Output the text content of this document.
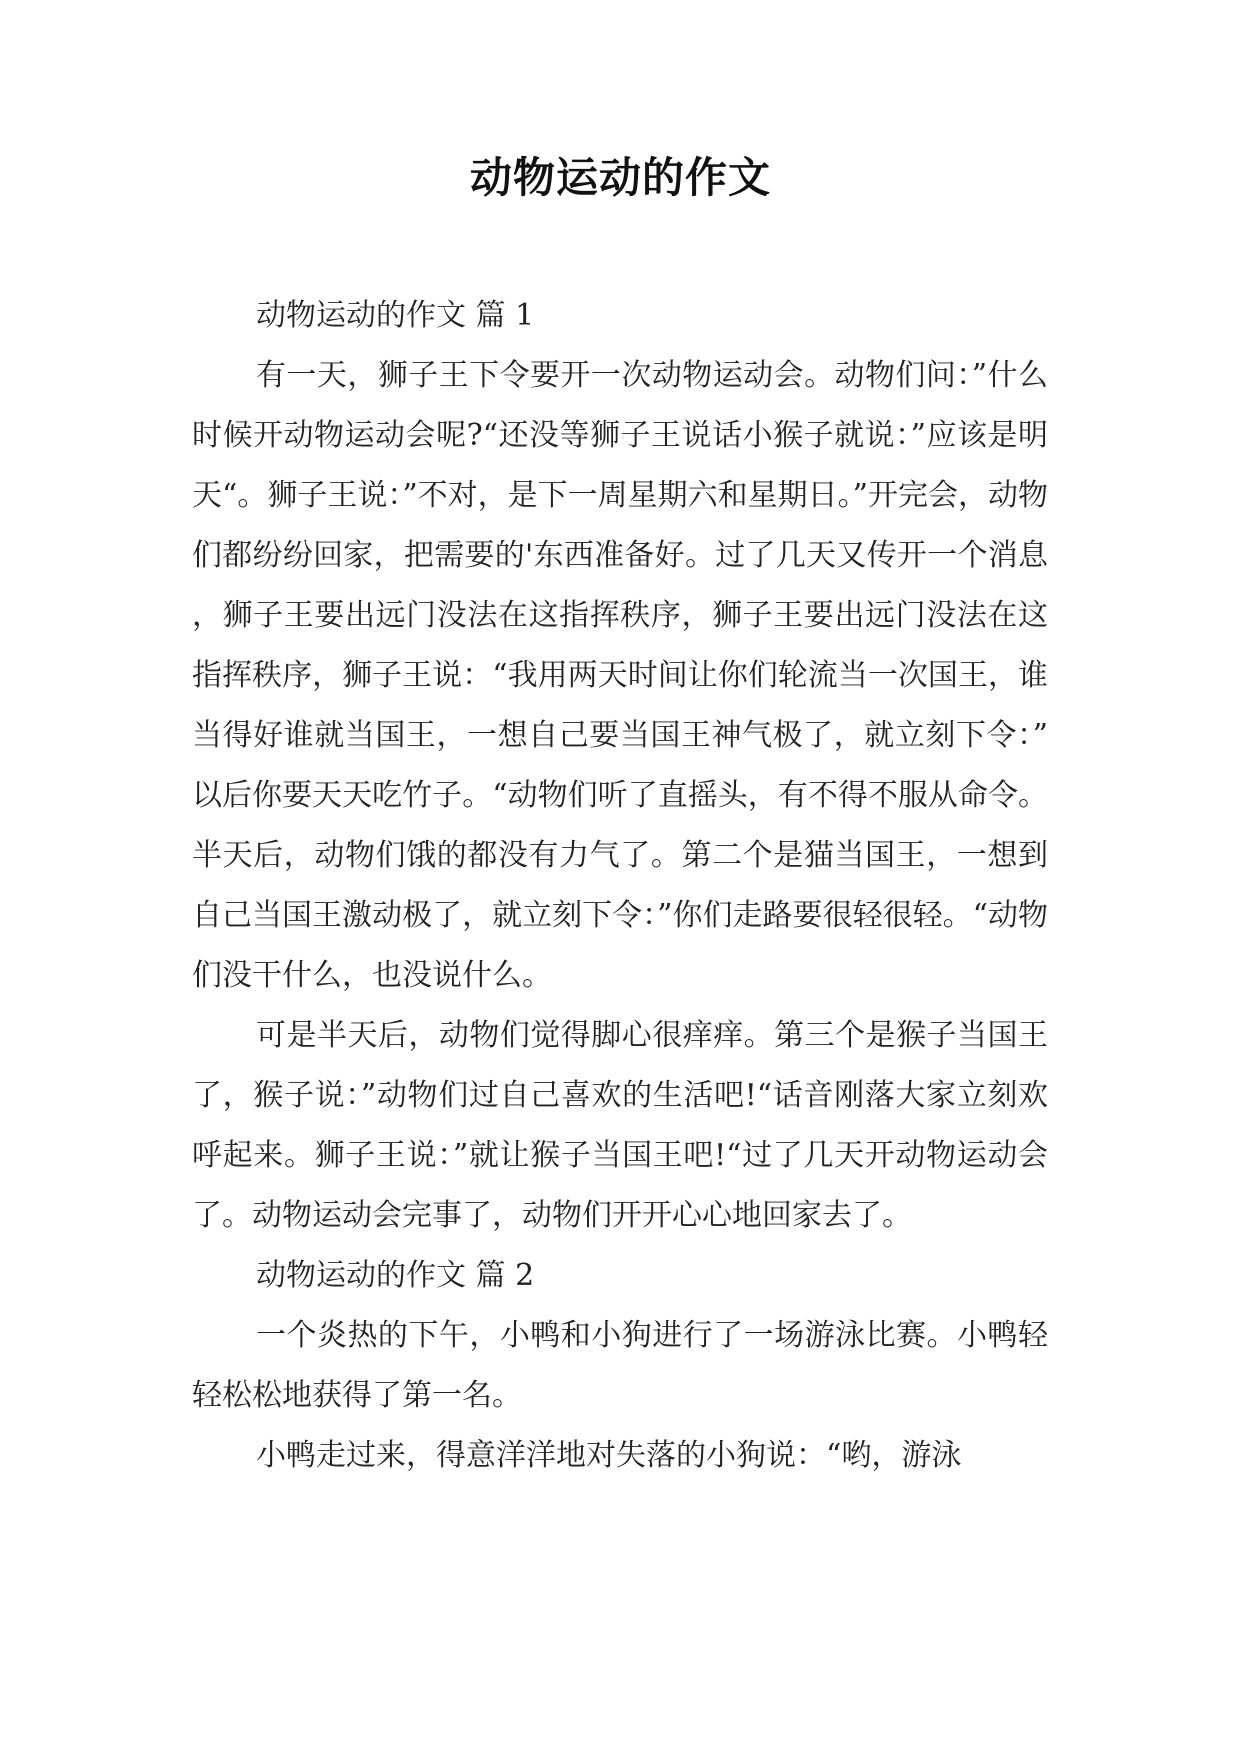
动物运动的作文

动物运动的作文 篇 1

有一天，狮子王下令要开一次动物运动会。动物们问：”什么时候开动物运动会呢?“还没等狮子王说话小猴子就说：”应该是明天“。狮子王说：”不对，是下一周星期六和星期日。”开完会，动物们都纷纷回家，把需要的'东西准备好。过了几天又传开一个消息，狮子王要出远门没法在这指挥秩序，狮子王要出远门没法在这指挥秩序，狮子王说：“我用两天时间让你们轮流当一次国王，谁当得好谁就当国王，一想自己要当国王神气极了，就立刻下令：”以后你要天天吃竹子。“动物们听了直摇头，有不得不服从命令。半天后，动物们饿的都没有力气了。第二个是猫当国王，一想到自己当国王激动极了，就立刻下令：”你们走路要很轻很轻。“动物们没干什么，也没说什么。

可是半天后，动物们觉得脚心很痒痒。第三个是猴子当国王了，猴子说：”动物们过自己喜欢的生活吧!“话音刚落大家立刻欢呼起来。狮子王说：”就让猴子当国王吧!“过了几天开动物运动会了。动物运动会完事了，动物们开开心心地回家去了。

动物运动的作文 篇 2

一个炎热的下午，小鸭和小狗进行了一场游泳比赛。小鸭轻轻松松地获得了第一名。

小鸭走过来，得意洋洋地对失落的小狗说：“哟，游泳
